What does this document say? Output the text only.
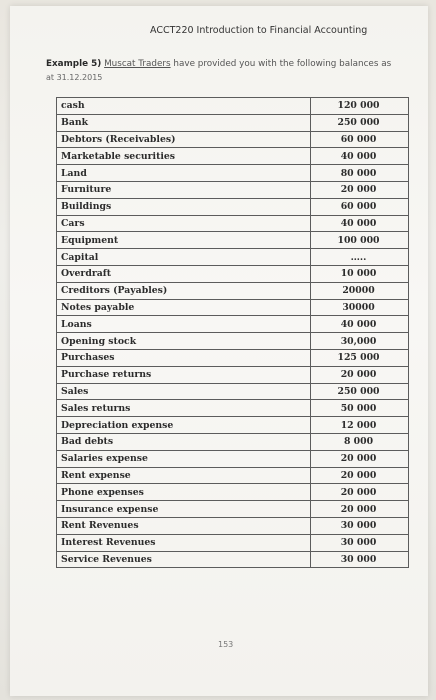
ACCT220 Introduction to Financial Accounting
Example 5) Muscat Traders have provided you with the following balances as
at 31.12.2015
cash	120 000
Bank	250 000
Debtors (Receivables)	60 000
Marketable securities	40 000
Land	80 000
Furniture	20 000
Buildings	60 000
Cars	40 000
Equipment	100 000
Capital	…..
Overdraft	10 000
Creditors (Payables)	20000
Notes payable	30000
Loans	40 000
Opening stock	30,000
Purchases	125 000
Purchase returns	20 000
Sales	250 000
Sales returns	50 000
Depreciation expense	12 000
Bad debts	8 000
Salaries expense	20 000
Rent expense	20 000
Phone expenses	20 000
Insurance expense	20 000
Rent Revenues	30 000
Interest Revenues	30 000
Service Revenues	30 000
153
